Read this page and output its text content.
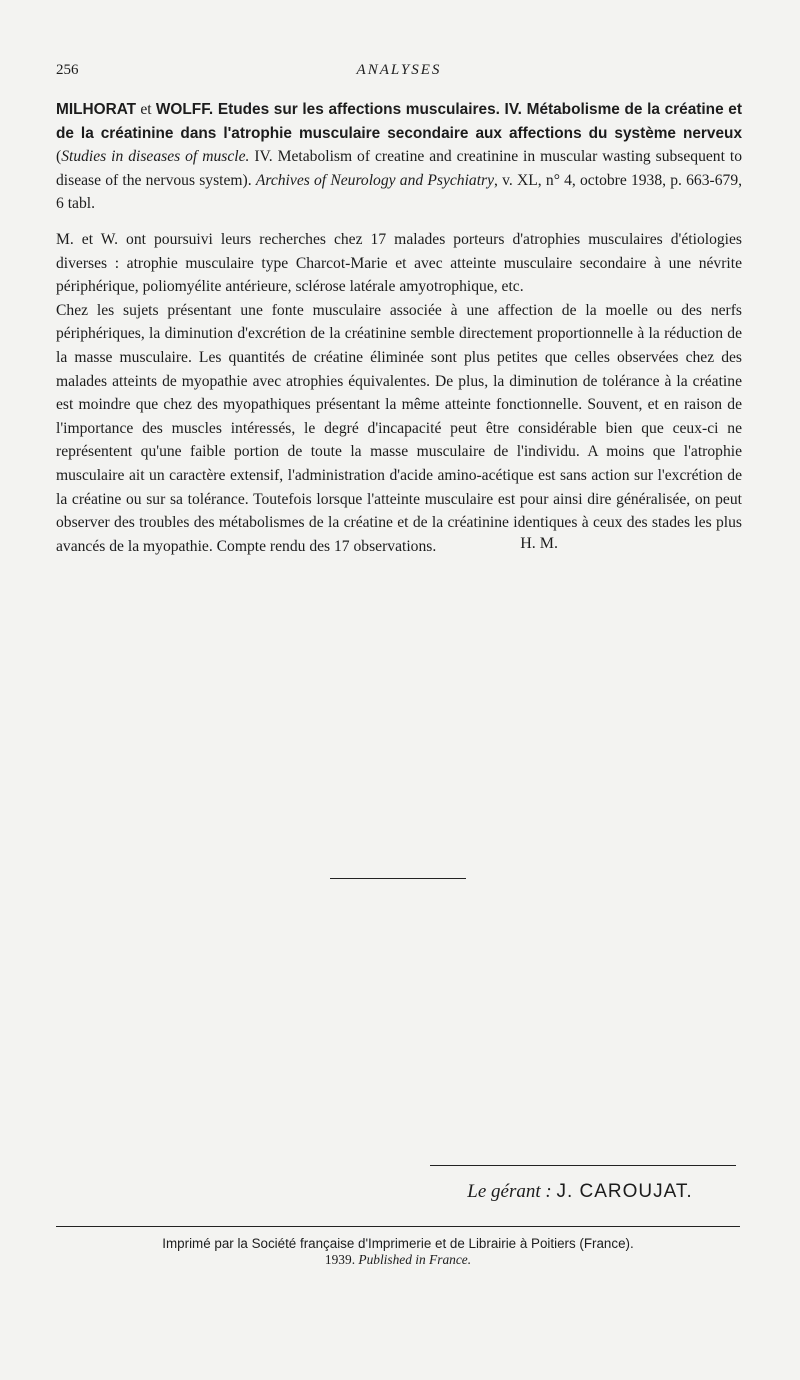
256	ANALYSES

MILHORAT et WOLFF. Etudes sur les affections musculaires. IV. Métabolisme de la créatine et de la créatinine dans l'atrophie musculaire secondaire aux affections du système nerveux (Studies in diseases of muscle. IV. Metabolism of creatine and creatinine in muscular wasting subsequent to disease of the nervous system). Archives of Neurology and Psychiatry, v. XL, n° 4, octobre 1938, p. 663-679, 6 tabl.

M. et W. ont poursuivi leurs recherches chez 17 malades porteurs d'atrophies musculaires d'étiologies diverses : atrophie musculaire type Charcot-Marie et avec atteinte musculaire secondaire à une névrite périphérique, poliomyélite antérieure, sclérose latérale amyotrophique, etc.

Chez les sujets présentant une fonte musculaire associée à une affection de la moelle ou des nerfs périphériques, la diminution d'excrétion de la créatinine semble directement proportionnelle à la réduction de la masse musculaire. Les quantités de créatine éliminée sont plus petites que celles observées chez des malades atteints de myopathie avec atrophies équivalentes. De plus, la diminution de tolérance à la créatine est moindre que chez des myopathiques présentant la même atteinte fonctionnelle. Souvent, et en raison de l'importance des muscles intéressés, le degré d'incapacité peut être considérable bien que ceux-ci ne représentent qu'une faible portion de toute la masse musculaire de l'individu. A moins que l'atrophie musculaire ait un caractère extensif, l'administration d'acide amino-acétique est sans action sur l'excrétion de la créatine ou sur sa tolérance. Toutefois lorsque l'atteinte musculaire est pour ainsi dire généralisée, on peut observer des troubles des métabolismes de la créatine et de la créatinine identiques à ceux des stades les plus avancés de la myopathie. Compte rendu des 17 observations.	H. M.
Le gérant : J. CAROUJAT.
Imprimé par la Société française d'Imprimerie et de Librairie à Poitiers (France).
1939. Published in France.
